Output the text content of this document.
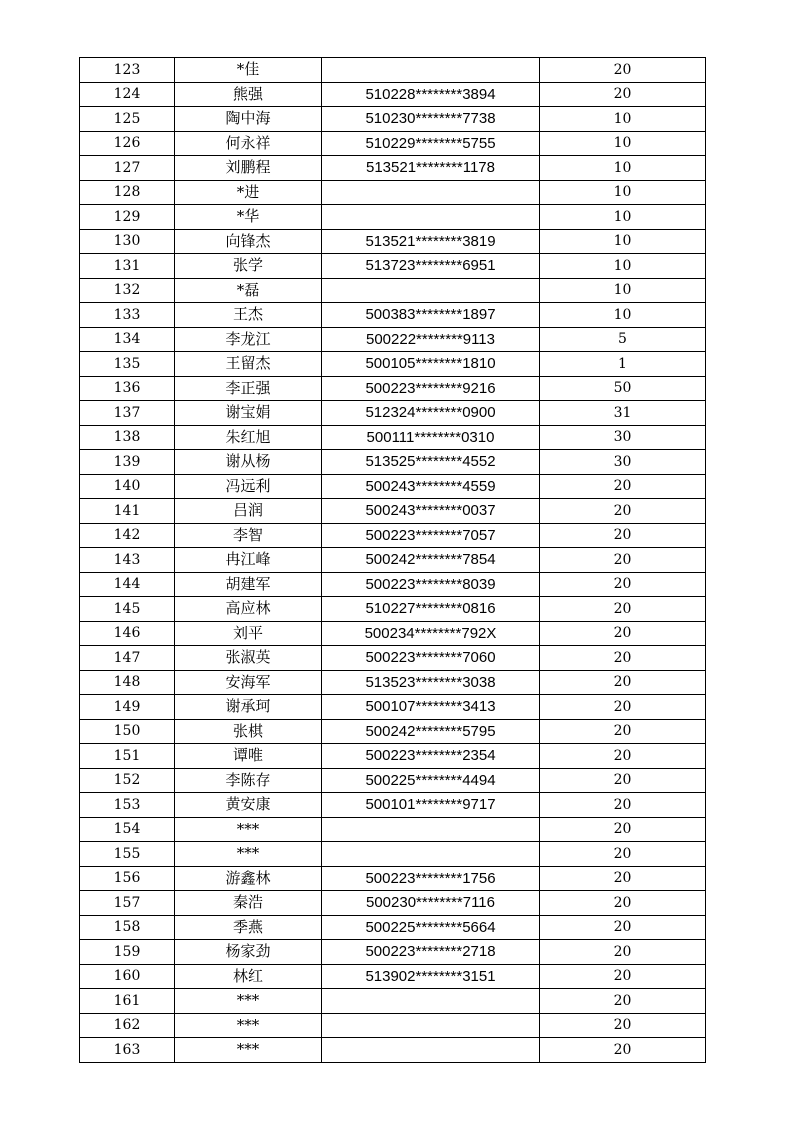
123	*佳		20
124	熊强	510228********3894	20
125	陶中海	510230********7738	10
126	何永祥	510229********5755	10
127	刘鹏程	513521********1178	10
128	*进		10
129	*华		10
130	向锋杰	513521********3819	10
131	张学	513723********6951	10
132	*磊		10
133	王杰	500383********1897	10
134	李龙江	500222********9113	5
135	王留杰	500105********1810	1
136	李正强	500223********9216	50
137	谢宝娟	512324********0900	31
138	朱红旭	500111********0310	30
139	谢从杨	513525********4552	30
140	冯远利	500243********4559	20
141	吕润	500243********0037	20
142	李智	500223********7057	20
143	冉江峰	500242********7854	20
144	胡建军	500223********8039	20
145	高应林	510227********0816	20
146	刘平	500234********792X	20
147	张淑英	500223********7060	20
148	安海军	513523********3038	20
149	谢承珂	500107********3413	20
150	张棋	500242********5795	20
151	谭唯	500223********2354	20
152	李陈存	500225********4494	20
153	黄安康	500101********9717	20
154	***		20
155	***		20
156	游鑫林	500223********1756	20
157	秦浩	500230********7116	20
158	季燕	500225********5664	20
159	杨家劲	500223********2718	20
160	林红	513902********3151	20
161	***		20
162	***		20
163	***		20
